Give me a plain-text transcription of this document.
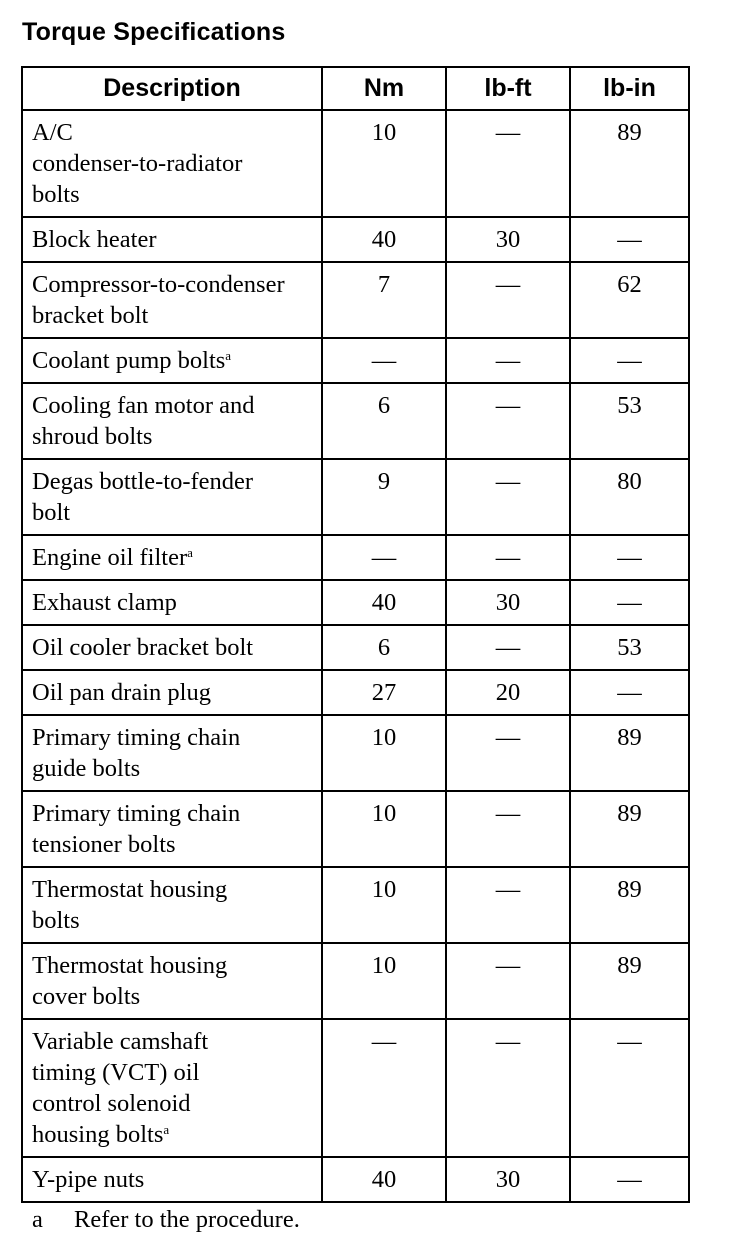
Torque Specifications
Description	Nm	lb-ft	lb-in

A/C
condenser-to-radiator
bolts	10	—	89

Block heater	40	30	—

Compressor-to-condenser
bracket bolt	7	—	62

Coolant pump bolts$^a$	—	—	—

Cooling fan motor and
shroud bolts	6	—	53

Degas bottle-to-fender
bolt	9	—	80

Engine oil filter$^a$	—	—	—

Exhaust clamp	40	30	—

Oil cooler bracket bolt	6	—	53

Oil pan drain plug	27	20	—

Primary timing chain
guide bolts	10	—	89

Primary timing chain
tensioner bolts	10	—	89

Thermostat housing
bolts	10	—	89

Thermostat housing
cover bolts	10	—	89

Variable camshaft
timing (VCT) oil
control solenoid
housing bolts$^a$	—	—	—

Y-pipe nuts	40	30	—
a Refer to the procedure.
